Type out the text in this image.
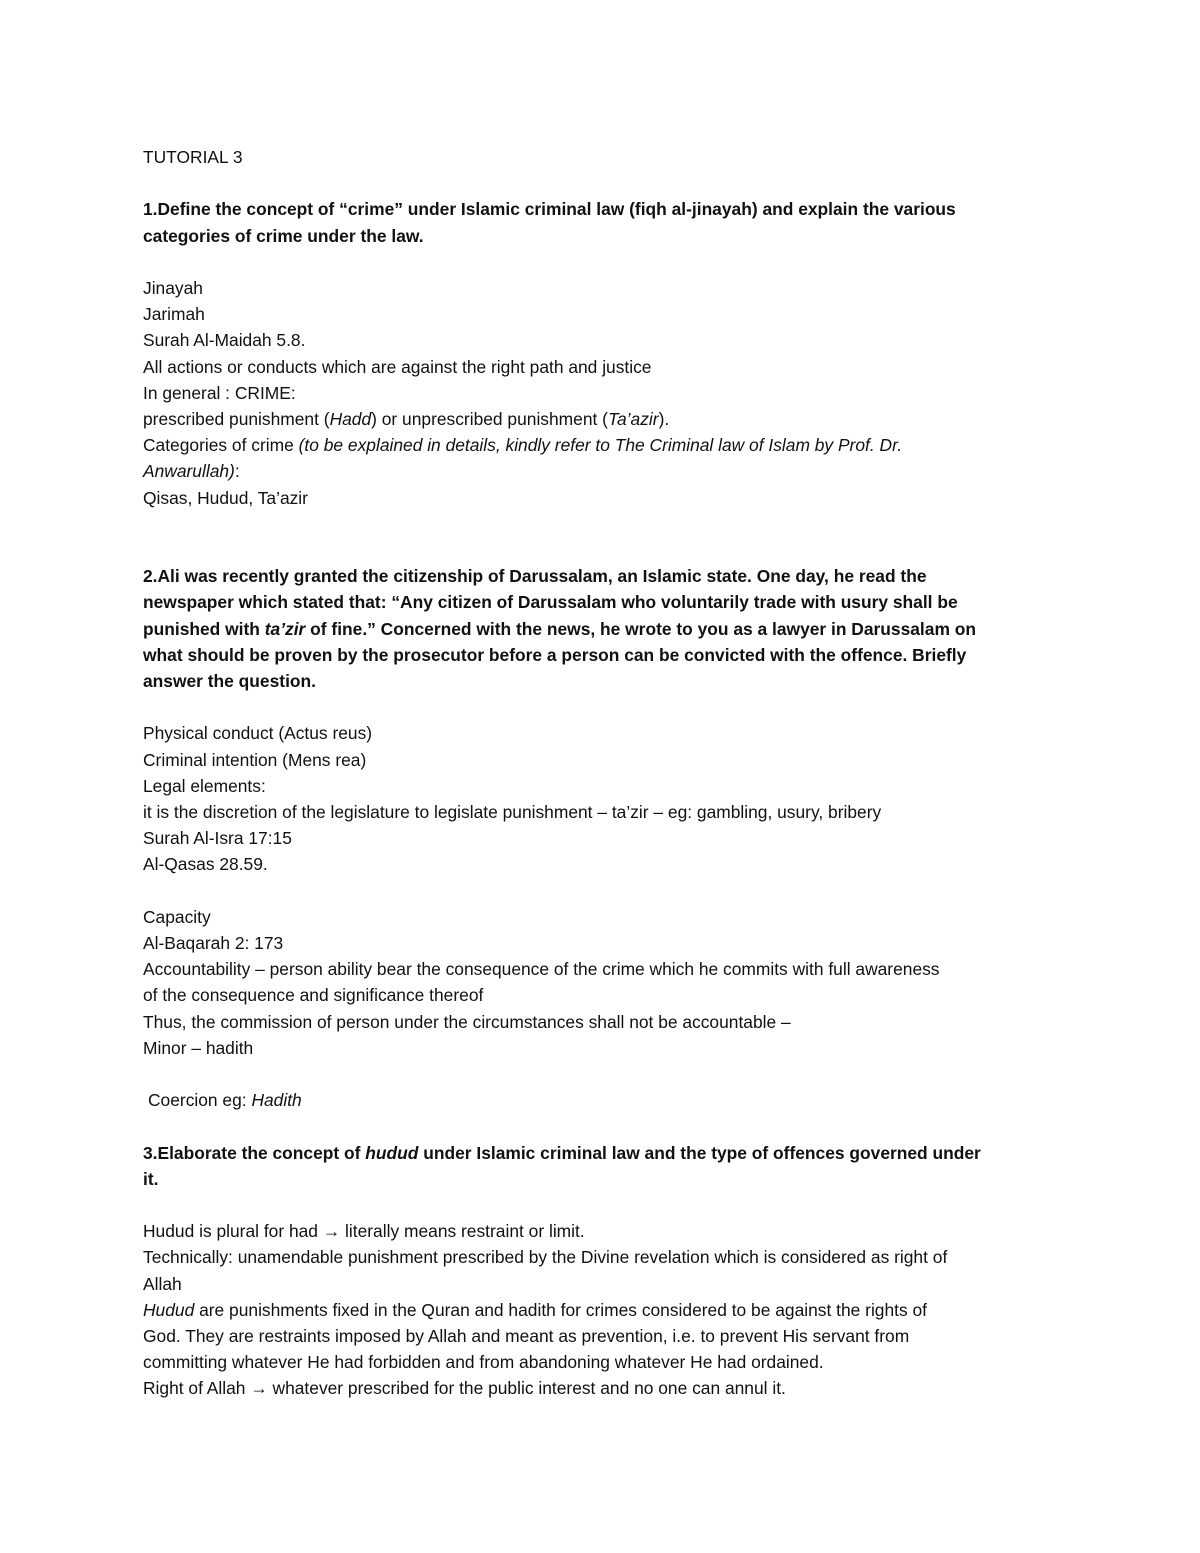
TUTORIAL 3
1.Define the concept of “crime” under Islamic criminal law (fiqh al-jinayah) and explain the various
categories of crime under the law.
Jinayah
Jarimah
Surah Al-Maidah 5.8.
All actions or conducts which are against the right path and justice
In general : CRIME:
prescribed punishment (Hadd) or unprescribed punishment (Ta’azir).
Categories of crime (to be explained in details, kindly refer to The Criminal law of Islam by Prof. Dr.
Anwarullah):
Qisas, Hudud, Ta’azir
2.Ali was recently granted the citizenship of Darussalam, an Islamic state. One day, he read the
newspaper which stated that: “Any citizen of Darussalam who voluntarily trade with usury shall be
punished with ta’zir of fine.” Concerned with the news, he wrote to you as a lawyer in Darussalam on
what should be proven by the prosecutor before a person can be convicted with the offence. Briefly
answer the question.
Physical conduct (Actus reus)
Criminal intention (Mens rea)
Legal elements:
it is the discretion of the legislature to legislate punishment – ta’zir – eg: gambling, usury, bribery
Surah Al-Isra 17:15
Al-Qasas 28.59.
Capacity
Al-Baqarah 2: 173
Accountability – person ability bear the consequence of the crime which he commits with full awareness
of the consequence and significance thereof
Thus, the commission of person under the circumstances shall not be accountable –
Minor – hadith
Coercion eg: Hadith
3.Elaborate the concept of hudud under Islamic criminal law and the type of offences governed under
it.
Hudud is plural for had → literally means restraint or limit.
Technically: unamendable punishment prescribed by the Divine revelation which is considered as right of
Allah
Hudud are punishments fixed in the Quran and hadith for crimes considered to be against the rights of
God. They are restraints imposed by Allah and meant as prevention, i.e. to prevent His servant from
committing whatever He had forbidden and from abandoning whatever He had ordained.
Right of Allah → whatever prescribed for the public interest and no one can annul it.
